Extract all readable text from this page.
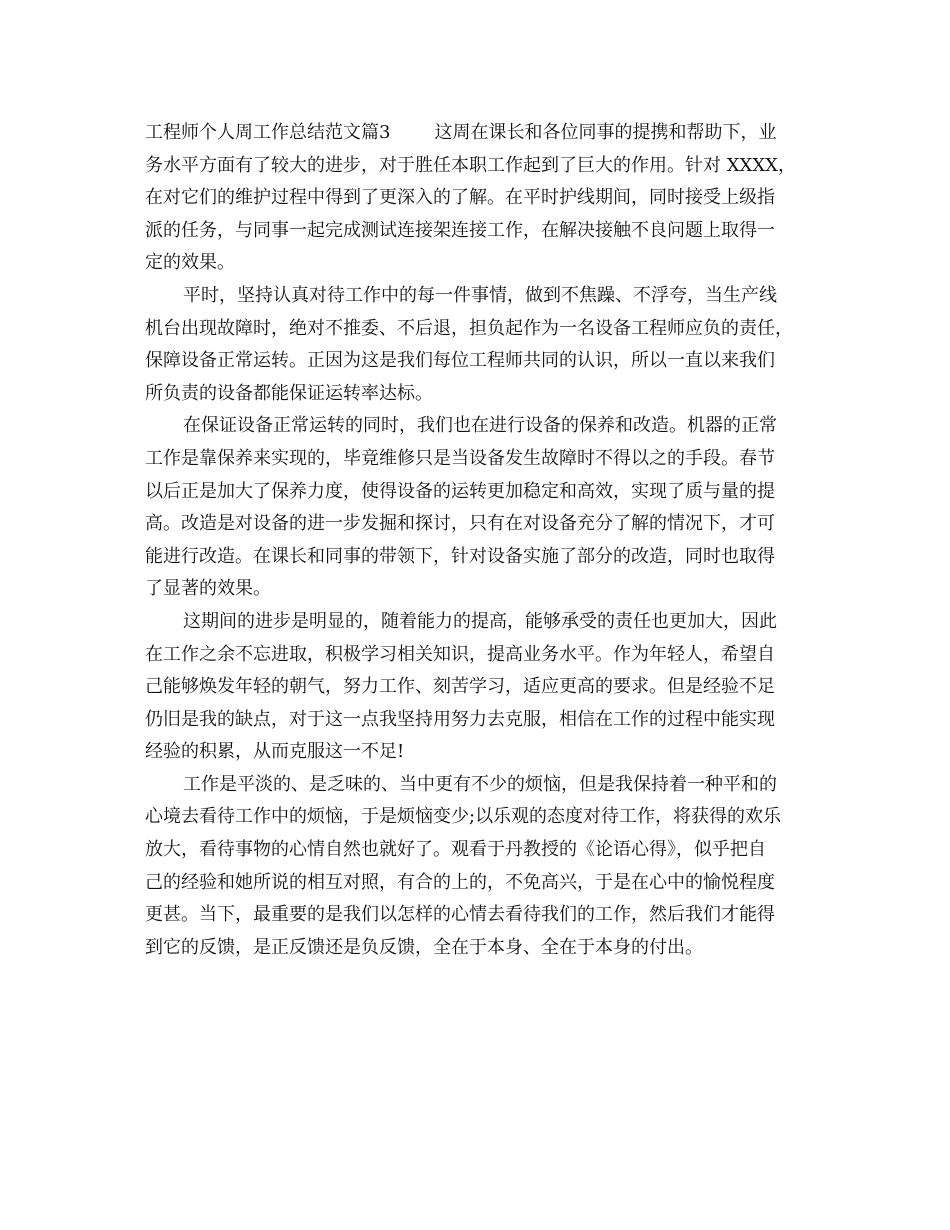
工程师个人周工作总结范文篇3 这周在课长和各位同事的提携和帮助下，业
务水平方面有了较大的进步，对于胜任本职工作起到了巨大的作用。针对 XXXX，
在对它们的维护过程中得到了更深入的了解。在平时护线期间，同时接受上级指
派的任务，与同事一起完成测试连接架连接工作，在解决接触不良问题上取得一
定的效果。
平时，坚持认真对待工作中的每一件事情，做到不焦躁、不浮夸，当生产线
机台出现故障时，绝对不推委、不后退，担负起作为一名设备工程师应负的责任，
保障设备正常运转。正因为这是我们每位工程师共同的认识，所以一直以来我们
所负责的设备都能保证运转率达标。
在保证设备正常运转的同时，我们也在进行设备的保养和改造。机器的正常
工作是靠保养来实现的，毕竟维修只是当设备发生故障时不得以之的手段。春节
以后正是加大了保养力度，使得设备的运转更加稳定和高效，实现了质与量的提
高。改造是对设备的进一步发掘和探讨，只有在对设备充分了解的情况下，才可
能进行改造。在课长和同事的带领下，针对设备实施了部分的改造，同时也取得
了显著的效果。
这期间的进步是明显的，随着能力的提高，能够承受的责任也更加大，因此
在工作之余不忘进取，积极学习相关知识，提高业务水平。作为年轻人，希望自
己能够焕发年轻的朝气，努力工作、刻苦学习，适应更高的要求。但是经验不足
仍旧是我的缺点，对于这一点我坚持用努力去克服，相信在工作的过程中能实现
经验的积累，从而克服这一不足!
工作是平淡的、是乏味的、当中更有不少的烦恼，但是我保持着一种平和的
心境去看待工作中的烦恼，于是烦恼变少;以乐观的态度对待工作，将获得的欢乐
放大，看待事物的心情自然也就好了。观看于丹教授的《论语心得》，似乎把自
己的经验和她所说的相互对照，有合的上的，不免高兴，于是在心中的愉悦程度
更甚。当下，最重要的是我们以怎样的心情去看待我们的工作，然后我们才能得
到它的反馈，是正反馈还是负反馈，全在于本身、全在于本身的付出。
